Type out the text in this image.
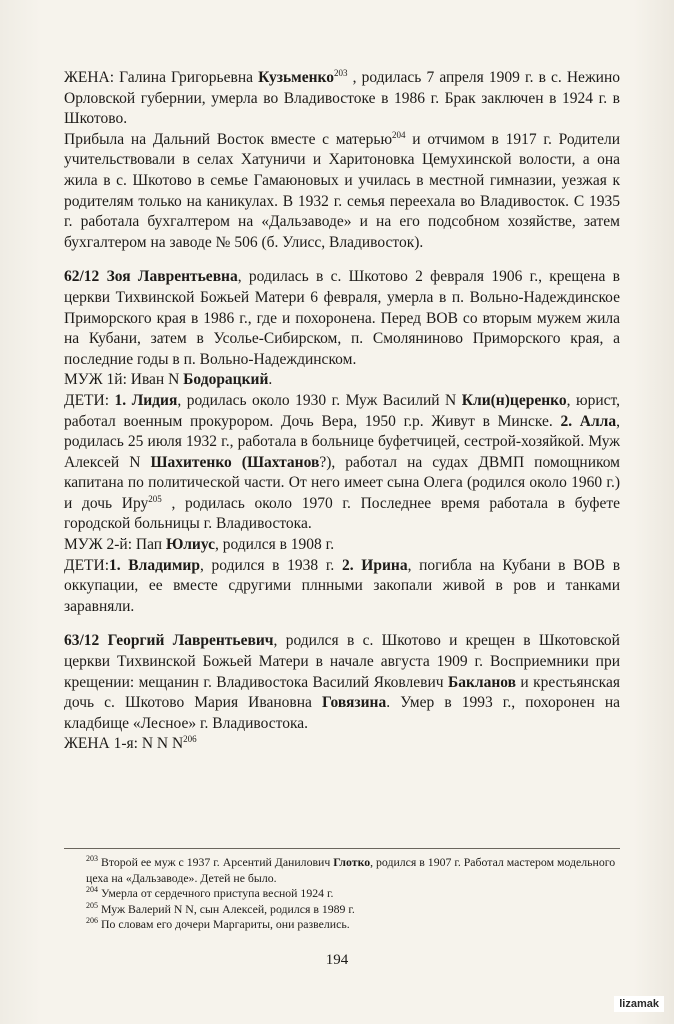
ЖЕНА: Галина Григорьевна Кузьменко$^{203}$ , родилась 7 апреля 1909 г. в с. Нежино Орловской губернии, умерла во Владивостоке в 1986 г. Брак заключен в 1924 г. в Шкотово.

Прибыла на Дальний Восток вместе с матерью$^{204}$ и отчимом в 1917 г. Родители учительствовали в селах Хатуничи и Харитоновка Цемухинской волости, а она жила в с. Шкотово в семье Гамаюновых и училась в местной гимназии, уезжая к родителям только на каникулах. В 1932 г. семья переехала во Владивосток. С 1935 г. работала бухгалтером на «Дальзаводе» и на его подсобном хозяйстве, затем бухгалтером на заводе № 506 (б. Улисс, Владивосток).

62/12 Зоя Лаврентьевна, родилась в с. Шкотово 2 февраля 1906 г., крещена в церкви Тихвинской Божьей Матери 6 февраля, умерла в п. Вольно-Надеждинское Приморского края в 1986 г., где и похоронена. Перед ВОВ со вторым мужем жила на Кубани, затем в Усолье-Сибирском, п. Смоляниново Приморского края, а последние годы в п. Вольно-Надеждинском.

МУЖ 1й: Иван N Бодорацкий.

ДЕТИ: 1. Лидия, родилась около 1930 г. Муж Василий N Кли(н)церенко, юрист, работал военным прокурором. Дочь Вера, 1950 г.р. Живут в Минске. 2. Алла, родилась 25 июля 1932 г., работала в больнице буфетчицей, сестрой-хозяйкой. Муж Алексей N Шахитенко (Шахтанов?), работал на судах ДВМП помощником капитана по политической части. От него имеет сына Олега (родился около 1960 г.) и дочь Иру$^{205}$ , родилась около 1970 г. Последнее время работала в буфете городской больницы г. Владивостока.

МУЖ 2-й: Пап Юлиус, родился в 1908 г.

ДЕТИ:1. Владимир, родился в 1938 г. 2. Ирина, погибла на Кубани в ВОВ в оккупации, ее вместе сдругими плнными закопали живой в ров и танками заравняли.

63/12 Георгий Лаврентьевич, родился в с. Шкотово и крещен в Шкотовской церкви Тихвинской Божьей Матери в начале августа 1909 г. Восприемники при крещении: мещанин г. Владивостока Василий Яковлевич Бакланов и крестьянская дочь с. Шкотово Мария Ивановна Говязина. Умер в 1993 г., похоронен на кладбище «Лесное» г. Владивостока.

ЖЕНА 1-я: N N $N^{206}$

$^{203}$ Второй ее муж с 1937 г. Арсентий Данилович Глотко, родился в 1907 г. Работал мастером модельного цеха на «Дальзаводе». Детей не было.

$^{204}$ Умерла от сердечного приступа весной 1924 г.

$^{205}$ Муж Валерий N N, сын Алексей, родился в 1989 г.

$^{206}$ По словам его дочери Маргариты, они развелись.

194
lizamak
